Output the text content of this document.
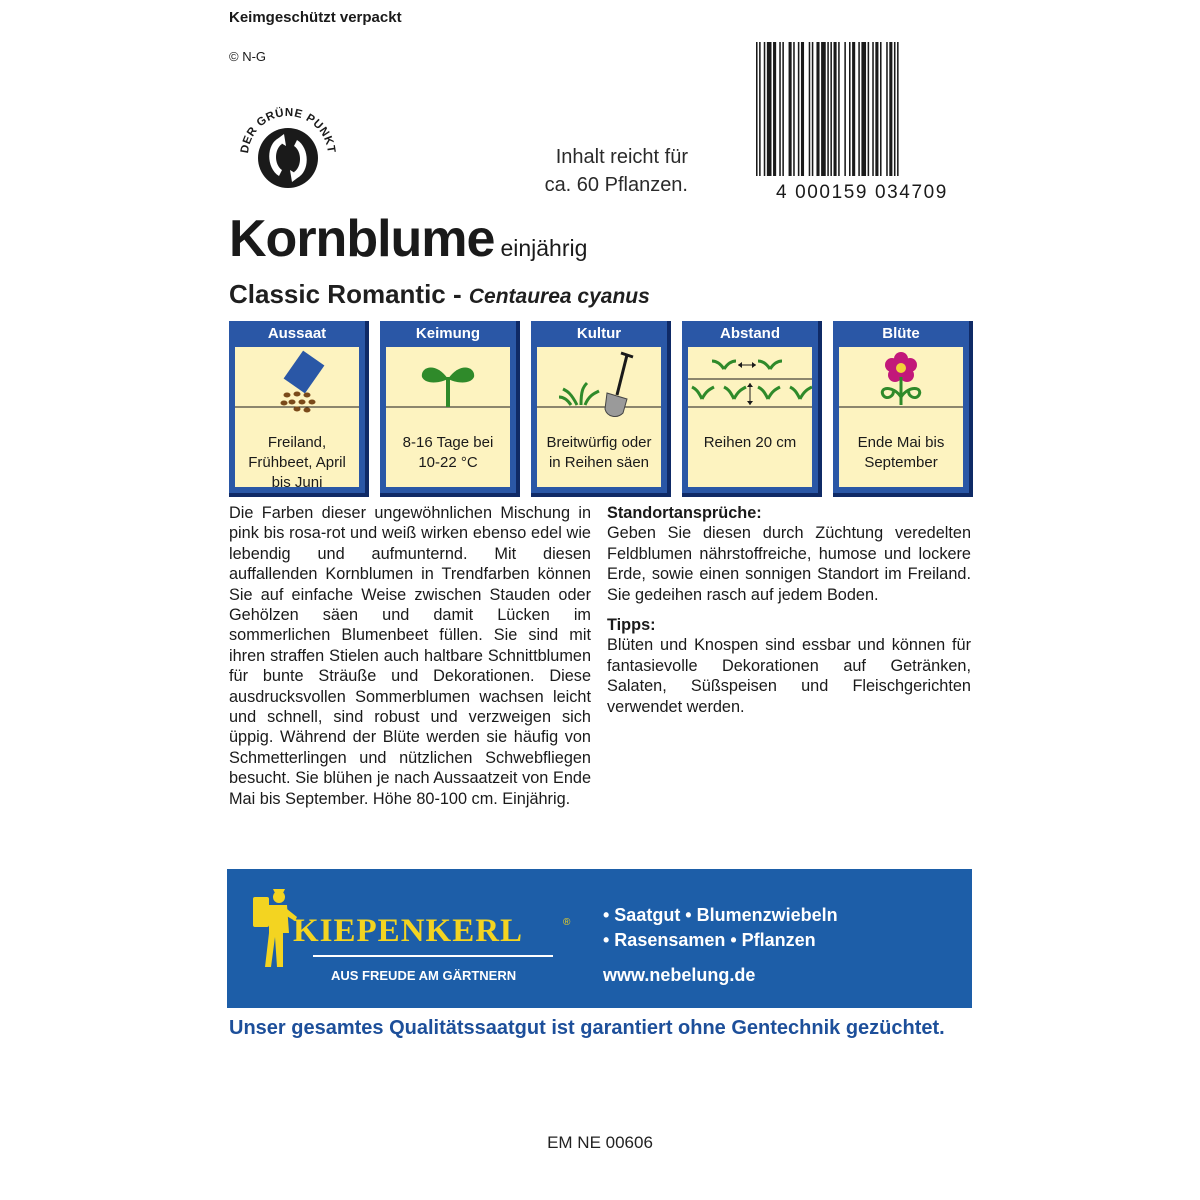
Keimgeschützt verpackt
© N-G
DER GRÜNE PUNKT	Inhalt reicht für
ca. 60 Pflanzen.	4 000159 034709
Kornblume einjährig
Classic Romantic - Centaurea cyanus
Aussaat
Freiland,
Frühbeet, April
bis Juni
Keimung
8-16 Tage bei
10-22 °C
Kultur
Breitwürfig oder
in Reihen säen
Abstand
Reihen 20 cm
Blüte
Ende Mai bis
September
Die Farben dieser ungewöhnlichen Mischung in pink bis rosa-rot und weiß wirken ebenso edel wie lebendig und aufmunternd. Mit diesen auffallenden Kornblumen in Trendfarben können Sie auf einfache Weise zwischen Stauden oder Gehölzen säen und damit Lücken im sommerlichen Blumenbeet füllen. Sie sind mit ihren straffen Stielen auch haltbare Schnittblumen für bunte Sträuße und Dekorationen. Diese ausdrucksvollen Sommerblumen wachsen leicht und schnell, sind robust und verzweigen sich üppig. Während der Blüte werden sie häufig von Schmetterlingen und nützlichen Schwebfliegen besucht. Sie blühen je nach Aussaatzeit von Ende Mai bis September. Höhe 80-100 cm. Einjährig.
Standortansprüche:

Geben Sie diesen durch Züchtung veredelten Feldblumen nährstoffreiche, humose und lockere Erde, sowie einen sonnigen Standort im Freiland. Sie gedeihen rasch auf jedem Boden.

Tipps:

Blüten und Knospen sind essbar und können für fantasievolle Dekorationen auf Getränken, Salaten, Süßspeisen und Fleischgerichten verwendet werden.

KIEPENKERL	®
AUS FREUDE AM GÄRTNERN
• Saatgut • Blumenzwiebeln
• Rasensamen • Pflanzen
www.nebelung.de
Unser gesamtes Qualitätssaatgut ist garantiert ohne Gentechnik gezüchtet.
EM NE 00606
